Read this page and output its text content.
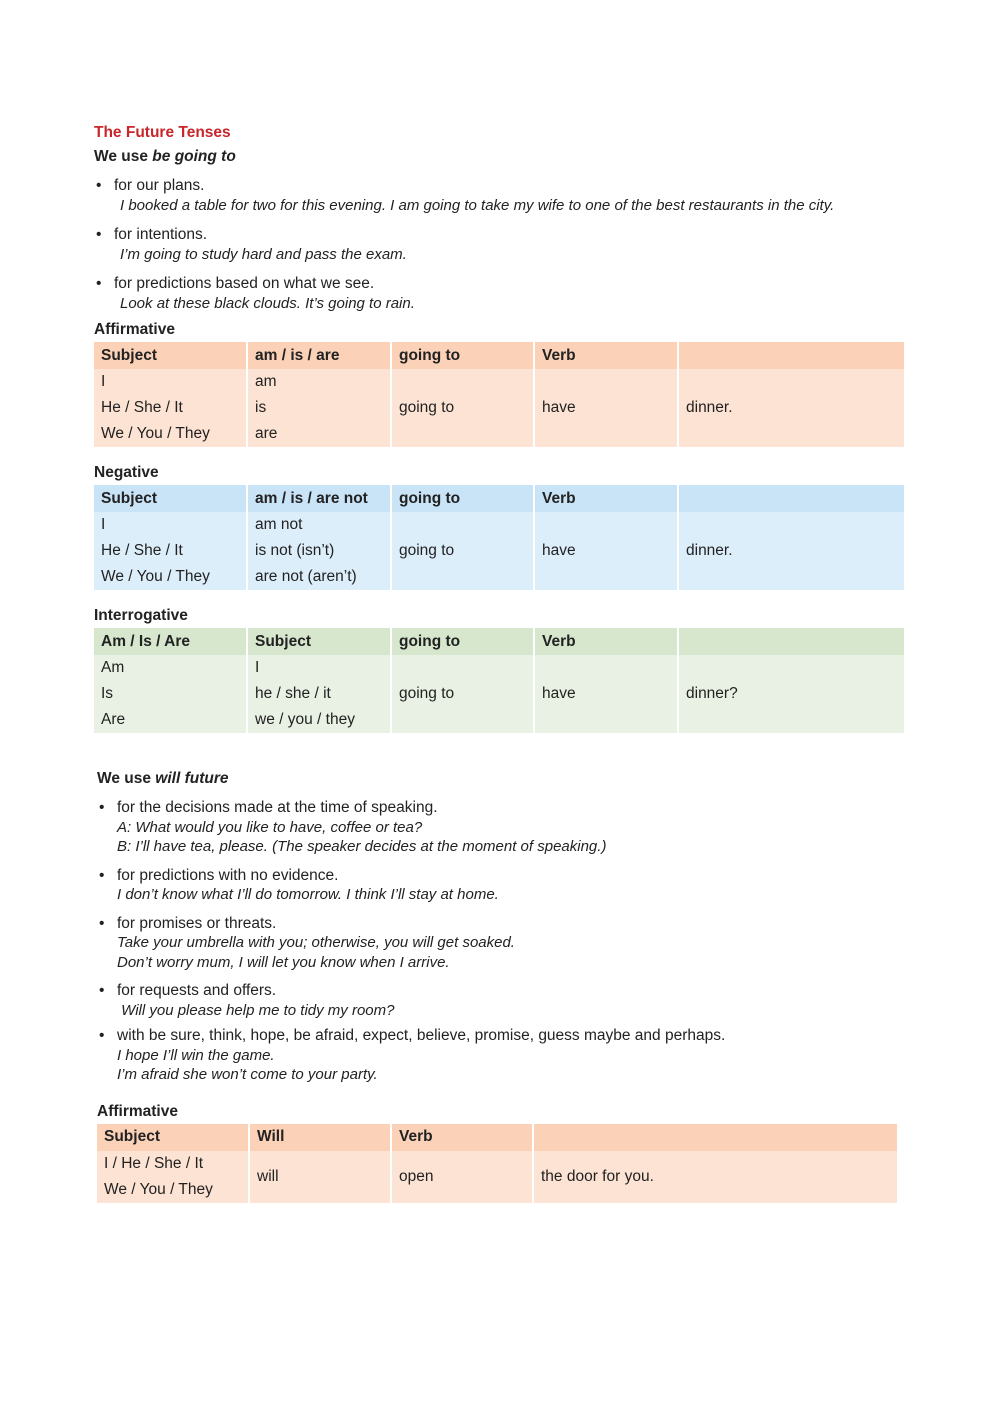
The Future Tenses
We use be going to
• for our plans.
I booked a table for two for this evening. I am going to take my wife to one of the best restaurants in the city.
• for intentions.
I’m going to study hard and pass the exam.
• for predictions based on what we see.
Look at these black clouds. It’s going to rain.
Affirmative
Subject	am / is / are	going to	Verb	
I	am	going to	have	dinner.
He / She / It	is			
We / You / They	are			
Negative
Subject	am / is / are not	going to	Verb	
I	am not	going to	have	dinner.
He / She / It	is not (isn’t)			
We / You / They	are not (aren’t)			
Interrogative
Am / Is / Are	Subject	going to	Verb	
Am	I	going to	have	dinner?
Is	he / she / it			
Are	we / you / they			
We use will future
• for the decisions made at the time of speaking.
A: What would you like to have, coffee or tea?
B: I’ll have tea, please. (The speaker decides at the moment of speaking.)
• for predictions with no evidence.
I don’t know what I’ll do tomorrow. I think I’ll stay at home.
• for promises or threats.
Take your umbrella with you; otherwise, you will get soaked.
Don’t worry mum, I will let you know when I arrive.
• for requests and offers.
Will you please help me to tidy my room?
• with be sure, think, hope, be afraid, expect, believe, promise, guess maybe and perhaps.
I hope I’ll win the game.
I’m afraid she won’t come to your party.
Affirmative
Subject	Will	Verb	
I / He / She / It	will	open	the door for you.
We / You / They			
